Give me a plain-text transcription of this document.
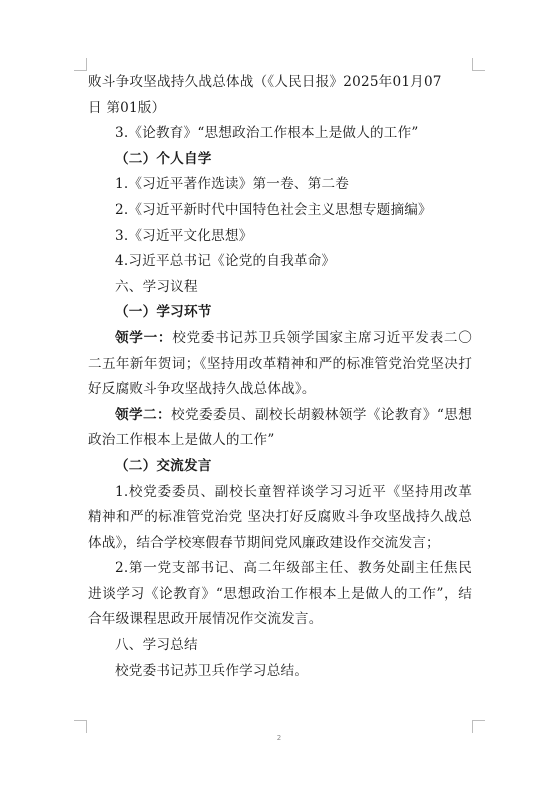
败斗争攻坚战持久战总体战（《人民日报》2025年01月07
日 第01版）
3.《论教育》“思想政治工作根本上是做人的工作”
（二）个人自学
1.《习近平著作选读》第一卷、第二卷
2.《习近平新时代中国特色社会主义思想专题摘编》
3.《习近平文化思想》
4.习近平总书记《论党的自我革命》
六、学习议程
（一）学习环节

领学一：校党委书记苏卫兵领学国家主席习近平发表二〇二五年新年贺词；《坚持用改革精神和严的标准管党治党坚决打好反腐败斗争攻坚战持久战总体战》。

领学二：校党委委员、副校长胡毅林领学《论教育》“思想政治工作根本上是做人的工作”

（二）交流发言

1.校党委委员、副校长童智祥谈学习习近平《坚持用改革精神和严的标准管党治党 坚决打好反腐败斗争攻坚战持久战总体战》，结合学校寒假春节期间党风廉政建设作交流发言；

2.第一党支部书记、高二年级部主任、教务处副主任焦民进谈学习《论教育》“思想政治工作根本上是做人的工作”，结合年级课程思政开展情况作交流发言。

八、学习总结
校党委书记苏卫兵作学习总结。
2
